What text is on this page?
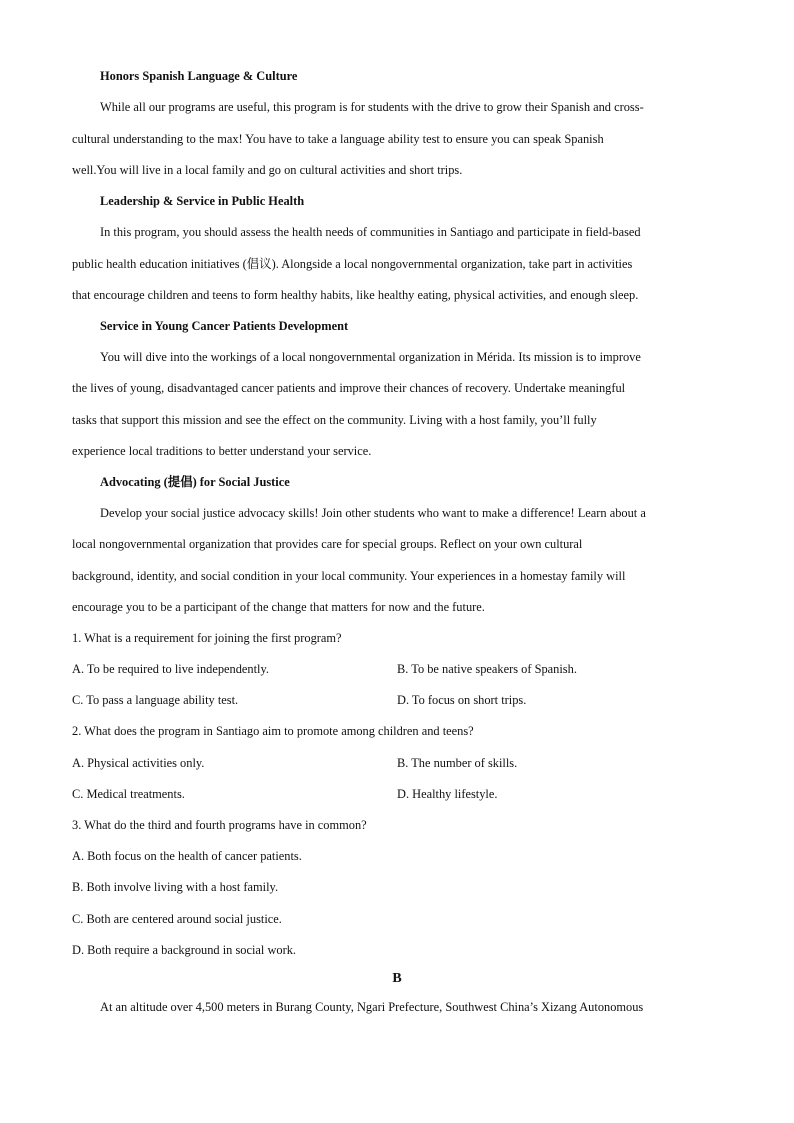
Honors Spanish Language & Culture
While all our programs are useful, this program is for students with the drive to grow their Spanish and cross-
cultural understanding to the max! You have to take a language ability test to ensure you can speak Spanish
well.You will live in a local family and go on cultural activities and short trips.
Leadership & Service in Public Health
In this program, you should assess the health needs of communities in Santiago and participate in field-based
public health education initiatives (倡议). Alongside a local nongovernmental organization, take part in activities
that encourage children and teens to form healthy habits, like healthy eating, physical activities, and enough sleep.
Service in Young Cancer Patients Development
You will dive into the workings of a local nongovernmental organization in Mérida. Its mission is to improve
the lives of young, disadvantaged cancer patients and improve their chances of recovery. Undertake meaningful
tasks that support this mission and see the effect on the community. Living with a host family, you’ll fully
experience local traditions to better understand your service.
Advocating (提倡) for Social Justice
Develop your social justice advocacy skills! Join other students who want to make a difference! Learn about a
local nongovernmental organization that provides care for special groups. Reflect on your own cultural
background, identity, and social condition in your local community. Your experiences in a homestay family will
encourage you to be a participant of the change that matters for now and the future.
1. What is a requirement for joining the first program?
A. To be required to live independently.	B. To be native speakers of Spanish.
C. To pass a language ability test.	D. To focus on short trips.
2. What does the program in Santiago aim to promote among children and teens?
A. Physical activities only.	B. The number of skills.
C. Medical treatments.	D. Healthy lifestyle.
3. What do the third and fourth programs have in common?
A. Both focus on the health of cancer patients.
B. Both involve living with a host family.
C. Both are centered around social justice.
D. Both require a background in social work.
B
At an altitude over 4,500 meters in Burang County, Ngari Prefecture, Southwest China’s Xizang Autonomous
